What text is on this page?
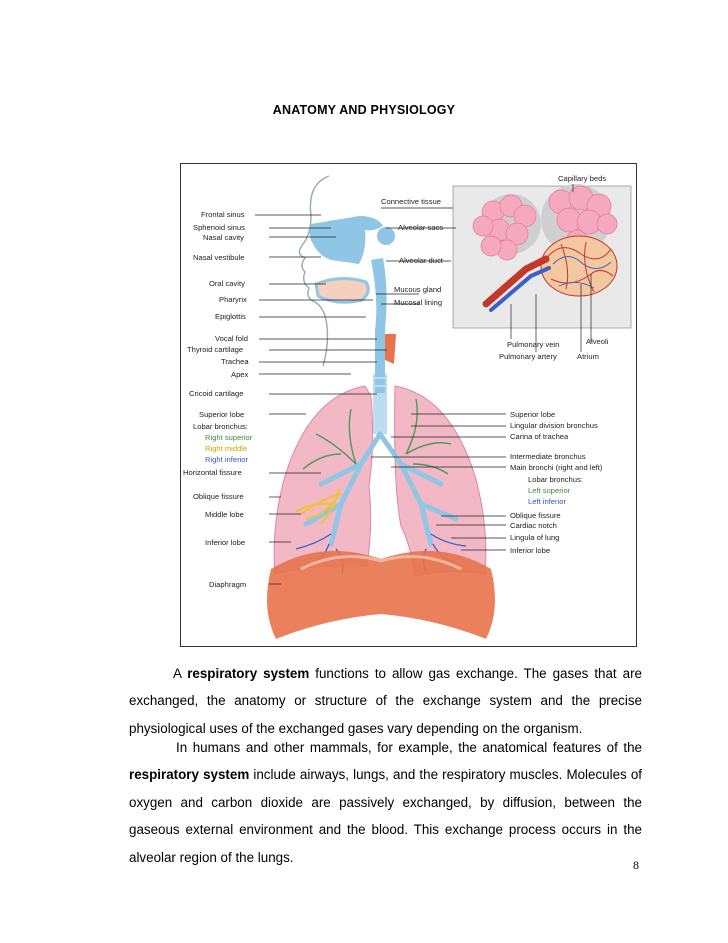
ANATOMY AND PHYSIOLOGY
Frontal sinus
Sphenoid sinus
Nasal cavity
Nasal vestibule
Oral cavity
Pharynx
Epiglottis
Vocal fold
Thyroid cartilage
Trachea
Apex
Cricoid cartilage
Superior lobe
Lobar bronchus:
Right superior
Right middle
Right inferior
Horizontal fissure
Oblique fissure
Middle lobe
Inferior lobe
Diaphragm
Connective tissue
Alveolar sacs
Alveolar duct
Mucous gland
Mucosal lining
Capillary beds
Pulmonary vein
Pulmonary artery
Alveoli
Atrium
Superior lobe
Lingular division bronchus
Carina of trachea
Intermediate bronchus
Main bronchi (right and left)
Lobar bronchus:
Left superior
Left inferior
Oblique fissure
Cardiac notch
Lingula of lung
Inferior lobe
A respiratory system functions to allow gas exchange. The gases that are exchanged, the anatomy or structure of the exchange system and the precise physiological uses of the exchanged gases vary depending on the organism.
In humans and other mammals, for example, the anatomical features of the respiratory system include airways, lungs, and the respiratory muscles. Molecules of oxygen and carbon dioxide are passively exchanged, by diffusion, between the gaseous external environment and the blood. This exchange process occurs in the alveolar region of the lungs.
8
